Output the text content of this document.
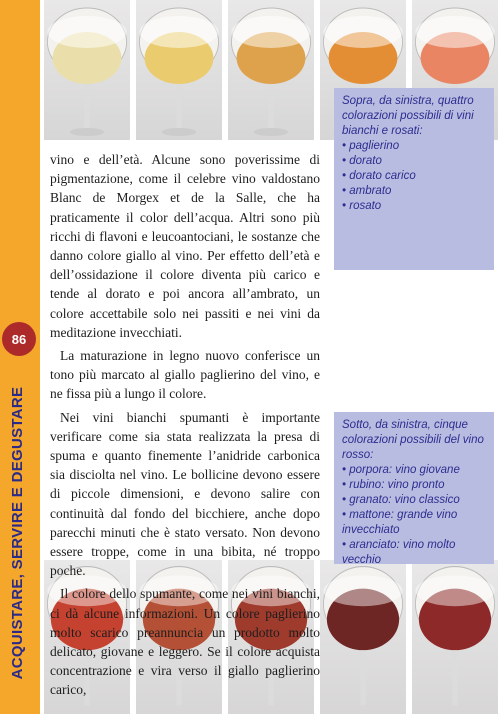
86
ACQUISTARE, SERVIRE E DEGUSTARE
Sopra, da sinistra, quattro colorazioni possibili di vini bianchi e rosati:
• paglierino
• dorato
• dorato carico
• ambrato
• rosato
Sotto, da sinistra, cinque colorazioni possibili del vino rosso:
• porpora: vino giovane
• rubino: vino pronto
• granato: vino classico
• mattone: grande vino invecchiato
• aranciato: vino molto vecchio

vino e dell’età. Alcune sono poverissime di pigmentazione, come il celebre vino valdostano Blanc de Morgex et de la Salle, che ha praticamente il color dell’acqua. Altri sono più ricchi di flavoni e leucoantociani, le sostanze che danno colore giallo al vino. Per effetto dell’età e dell’ossidazione il colore diventa più carico e tende al dorato e poi ancora all’ambrato, un colore accettabile solo nei passiti e nei vini da meditazione invecchiati.

La maturazione in legno nuovo conferisce un tono più marcato al giallo paglierino del vino, e ne fissa più a lungo il colore.

Nei vini bianchi spumanti è importante verificare come sia stata realizzata la presa di spuma e quanto finemente l’anidride carbonica sia disciolta nel vino. Le bollicine devono essere di piccole dimensioni, e devono salire con continuità dal fondo del bicchiere, anche dopo parecchi minuti che è stato versato. Non devono essere troppe, come in una bibita, né troppo poche.

Il colore dello spumante, come nei vini bianchi, ci dà alcune informazioni. Un colore paglierino molto scarico preannuncia un prodotto molto delicato, giovane e leggero. Se il colore acquista concentrazione e vira verso il giallo paglierino carico,
